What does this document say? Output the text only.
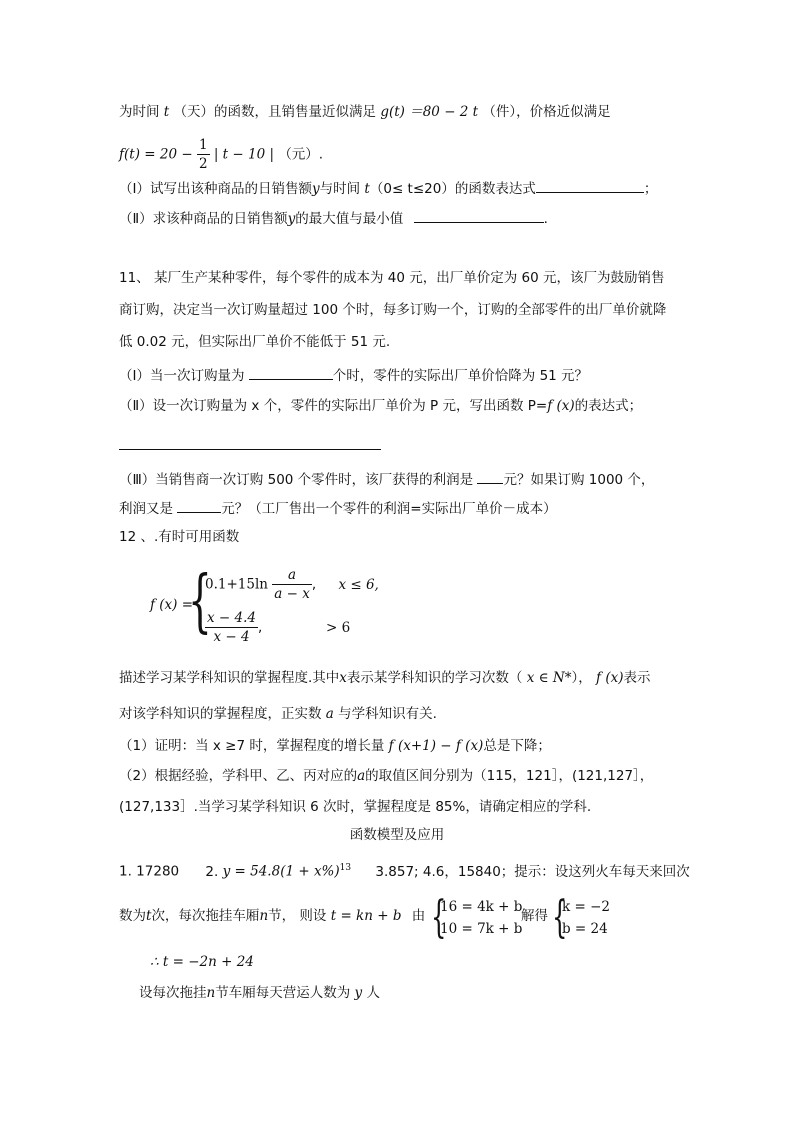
为时间 t （天）的函数，且销售量近似满足 g(t) ＝80 − 2 t （件），价格近似满足
$f(t) = 20 - \frac{1}{2}$ | t − 10 | （元）.
（Ⅰ）试写出该种商品的日销售额y与时间 t（0≤ t≤20）的函数表达式	；
（Ⅱ）求该种商品的日销售额y的最大值与最小值	.
11、 某厂生产某种零件，每个零件的成本为 40 元，出厂单价定为 60 元，该厂为鼓励销售
商订购，决定当一次订购量超过 100 个时，每多订购一个，订购的全部零件的出厂单价就降
低 0.02 元，但实际出厂单价不能低于 51 元.
（Ⅰ）当一次订购量为	个时，零件的实际出厂单价恰降为 51 元？
（Ⅱ）设一次订购量为 x 个，零件的实际出厂单价为 P 元，写出函数 P=f (x)的表达式；
（Ⅲ）当销售商一次订购 500 个零件时，该厂获得的利润是 元？如果订购 1000 个，
利润又是	元？（工厂售出一个零件的利润=实际出厂单价－成本）
12 、.有时可用函数
f (x) =
{
$0.1+15\ln \frac{a}{a - x}$ , x ≤ 6,
$\frac{x - 4.4}{x - 4}$ ,	> 6
描述学习某学科知识的掌握程度.其中x表示某学科知识的学习次数（ x ∈ N*）， f (x)表示
对该学科知识的掌握程度，正实数 a 与学科知识有关.
（1）证明：当 x ≥7 时，掌握程度的增长量 f (x+1) − f (x)总是下降；
（2）根据经验，学科甲、乙、丙对应的a的取值区间分别为（115，121］，(121,127］，
(127,133］.当学习某学科知识 6 次时，掌握程度是 85%，请确定相应的学科.
函数模型及应用
1. 17280 2. $y = 54.8(1 + x\%)^{13}$ 3.857; 4.6，15840；提示：设这列火车每天来回次
数为t次，每次拖挂车厢n节， 则设 t = kn + b 由 {
16 = 4k + b
10 = 7k + b
解得 {
k = −2
b = 24
∴ t = −2n + 24
设每次拖挂n节车厢每天营运人数为 y 人
